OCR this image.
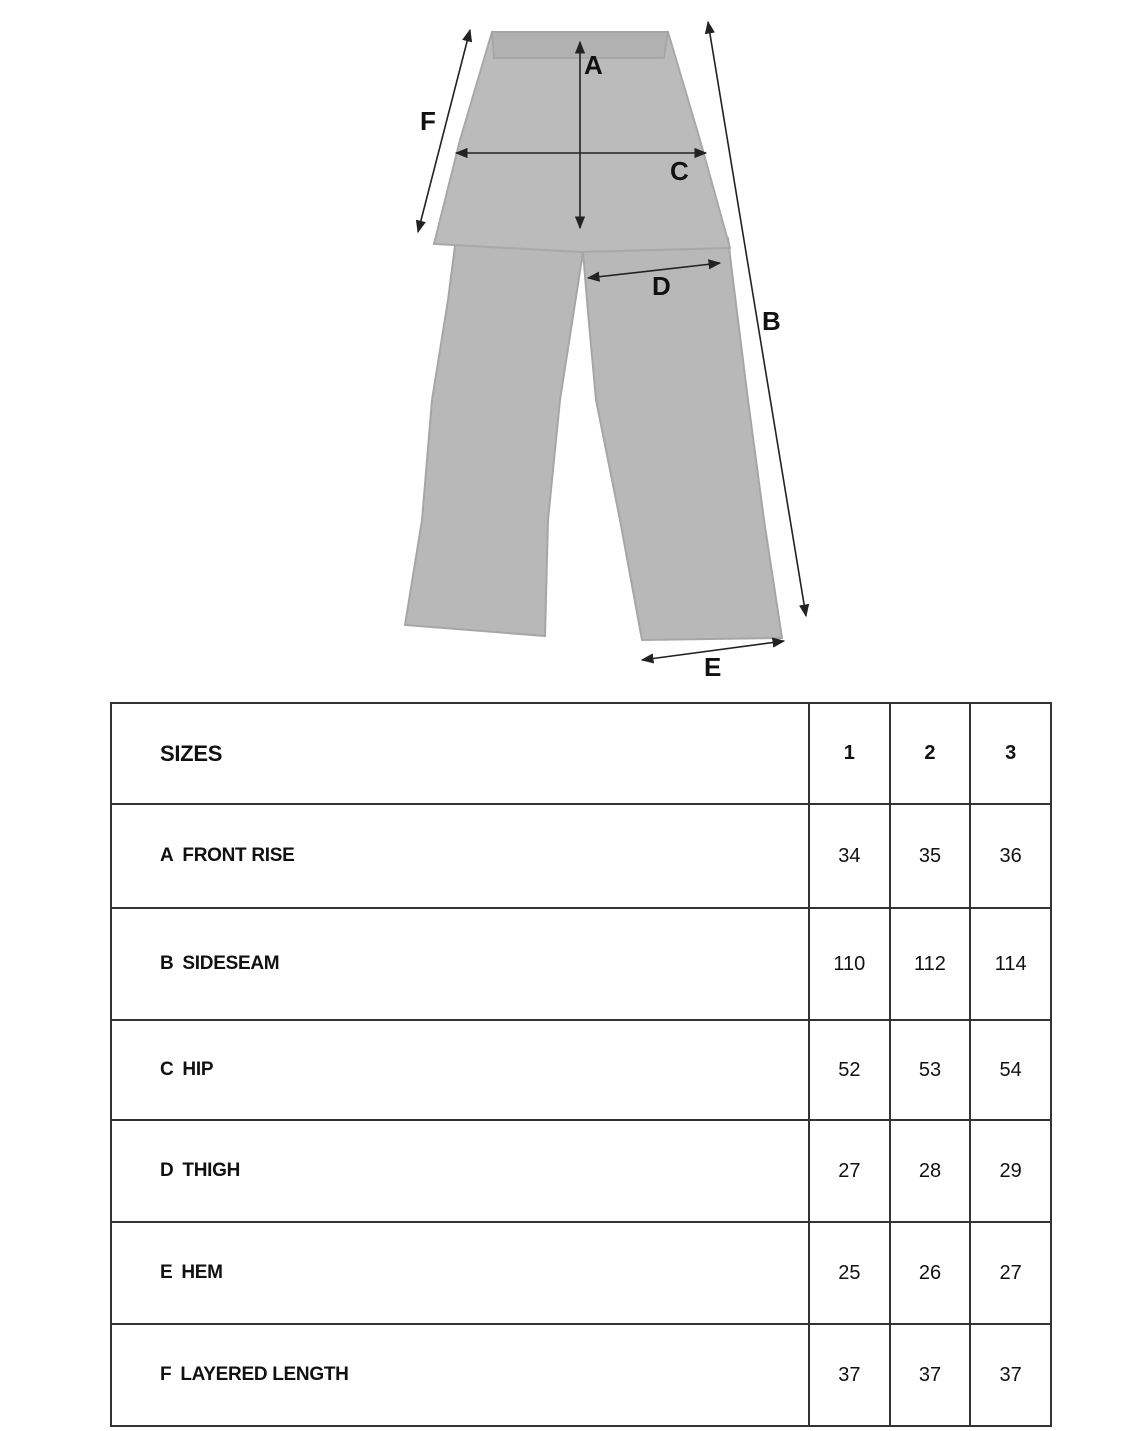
A
F
C
D
B
E
SIZES	1	2	3
A FRONT RISE	34	35	36
B SIDESEAM	110	112	114
C HIP	52	53	54
D THIGH	27	28	29
E HEM	25	26	27
F LAYERED LENGTH	37	37	37
